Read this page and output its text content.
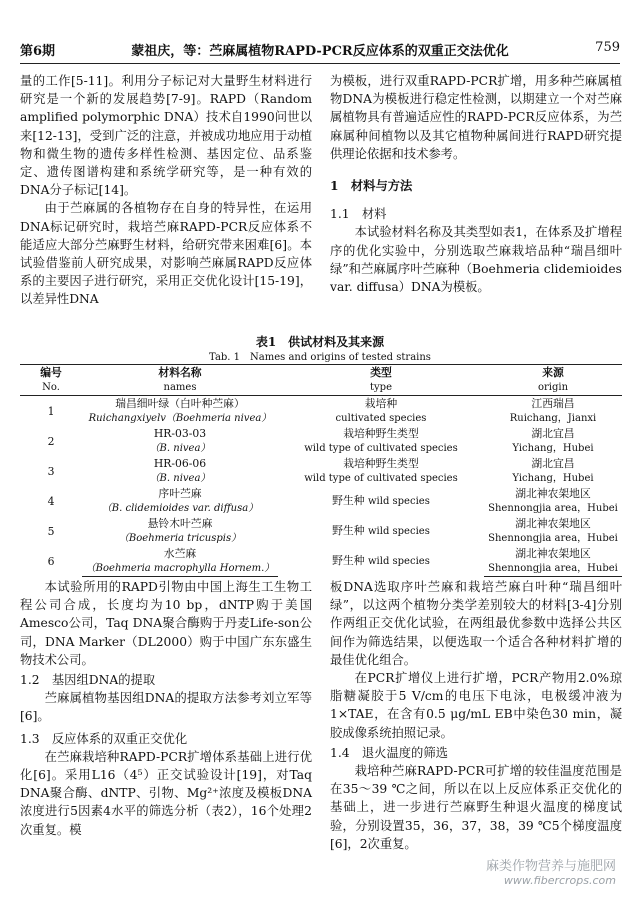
第6期	蒙祖庆，等：苎麻属植物RAPD-PCR反应体系的双重正交法优化	759

量的工作[5-11]。利用分子标记对大量野生材料进行研究是一个新的发展趋势[7-9]。RAPD（Random amplified polymorphic DNA）技术自1990问世以来[12-13]，受到广泛的注意，并被成功地应用于动植物和微生物的遗传多样性检测、基因定位、品系鉴定、遗传图谱构建和系统学研究等，是一种有效的DNA分子标记[14]。

由于苎麻属的各植物存在自身的特异性，在运用DNA标记研究时，栽培苎麻RAPD-PCR反应体系不能适应大部分苎麻野生材料，给研究带来困难[6]。本试验借鉴前人研究成果，对影响苎麻属RAPD反应体系的主要因子进行研究，采用正交优化设计[15-19]，以差异性DNA

为模板，进行双重RAPD-PCR扩增，用多种苎麻属植物DNA为模板进行稳定性检测，以期建立一个对苎麻属植物具有普遍适应性的RAPD-PCR反应体系，为苎麻属种间植物以及其它植物种属间进行RAPD研究提供理论依据和技术参考。

1　材料与方法

1.1　材料

本试验材料名称及其类型如表1，在体系及扩增程序的优化实验中，分别选取苎麻栽培品种“瑞昌细叶绿”和苎麻属序叶苎麻种（Boehmeria clidemioides var. diffusa）DNA为模板。

表1　供试材料及其来源
Tab. 1　Names and origins of tested strains
编号	材料名称	类型	来源
No.	names	type	origin
1	瑞昌细叶绿（白叶种苎麻）	栽培种	江西瑞昌
	Ruichangxiyelv（Boehmeria nivea）	cultivated species	Ruichang，Jianxi
2	HR-03-03	栽培种野生类型	湖北宜昌
	（B. nivea）	wild type of cultivated species	Yichang，Hubei
3	HR-06-06	栽培种野生类型	湖北宜昌
	（B. nivea）	wild type of cultivated species	Yichang，Hubei
4	序叶苎麻	野生种 wild species	湖北神农架地区
	（B. clidemioides var. diffusa）		Shennongjia area，Hubei
5	悬铃木叶苎麻	野生种 wild species	湖北神农架地区
	（Boehmeria tricuspis）		Shennongjia area，Hubei
6	水苎麻	野生种 wild species	湖北神农架地区
	（Boehmeria macrophylla Hornem.）		Shennongjia area，Hubei

本试验所用的RAPD引物由中国上海生工生物工程公司合成，长度均为10 bp，dNTP购于美国Amesco公司，Taq DNA聚合酶购于丹麦Life-son公司，DNA Marker（DL2000）购于中国广东东盛生物技术公司。

1.2　基因组DNA的提取

苎麻属植物基因组DNA的提取方法参考刘立军等[6]。

1.3　反应体系的双重正交优化

在苎麻栽培种RAPD-PCR扩增体系基础上进行优化[6]。采用L16（4⁵）正交试验设计[19]，对Taq DNA聚合酶、dNTP、引物、Mg²⁺浓度及模板DNA浓度进行5因素4水平的筛选分析（表2），16个处理2次重复。模

板DNA选取序叶苎麻和栽培苎麻白叶种“瑞昌细叶绿”，以这两个植物分类学差别较大的材料[3-4]分别作两组正交优化试验，在两组最优参数中选择公共区间作为筛选结果，以便选取一个适合各种材料扩增的最佳优化组合。

在PCR扩增仪上进行扩增，PCR产物用2.0%琼脂糖凝胶于5 V/cm的电压下电泳，电极缓冲液为1×TAE，在含有0.5 μg/mL EB中染色30 min，凝胶成像系统拍照记录。

1.4　退火温度的筛选

栽培种苎麻RAPD-PCR可扩增的较佳温度范围是在35～39 ℃之间，所以在以上反应体系正交优化的基础上，进一步进行苎麻野生种退火温度的梯度试验，分别设置35，36，37，38，39 ℃5个梯度温度[6]，2次重复。

麻类作物营养与施肥网
www.fibercrops.com
